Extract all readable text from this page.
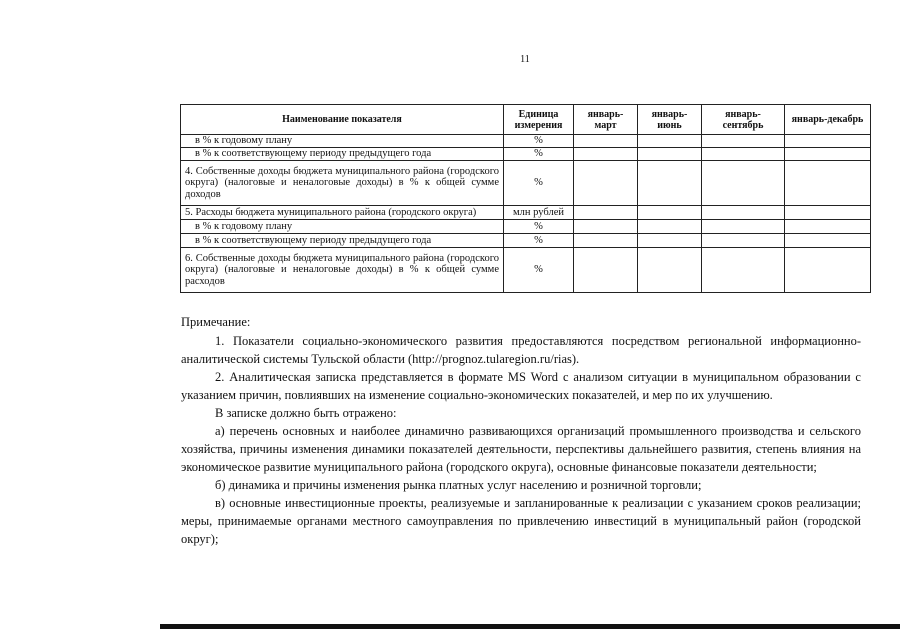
11
Наименование показателя	Единица измерения	январь-март	январь-июнь	январь-сентябрь	январь-декабрь
в % к годовому плану	%				
в % к соответствующему периоду предыдущего года	%				
4. Собственные доходы бюджета муниципального района (городского округа) (налоговые и неналоговые доходы) в % к общей сумме доходов	%				
5. Расходы бюджета муниципального района (городского округа)	млн рублей				
в % к годовому плану	%				
в % к соответствующему периоду предыдущего года	%				
6. Собственные доходы бюджета муниципального района (городского округа) (налоговые и неналоговые доходы) в % к общей сумме расходов	%				

Примечание:

1. Показатели социально-экономического развития предоставляются посредством региональной информационно-аналитической системы Тульской области (http://prognoz.tularegion.ru/rias).

2. Аналитическая записка представляется в формате MS Word с анализом ситуации в муниципальном образовании с указанием причин, повлиявших на изменение социально-экономических показателей, и мер по их улучшению.

В записке должно быть отражено:

а) перечень основных и наиболее динамично развивающихся организаций промышленного производства и сельского хозяйства, причины изменения динамики показателей деятельности, перспективы дальнейшего развития, степень влияния на экономическое развитие муниципального района (городского округа), основные финансовые показатели деятельности;

б) динамика и причины изменения рынка платных услуг населению и розничной торговли;

в) основные инвестиционные проекты, реализуемые и запланированные к реализации с указанием сроков реализации; меры, принимаемые органами местного самоуправления по привлечению инвестиций в муниципальный район (городской округ);
